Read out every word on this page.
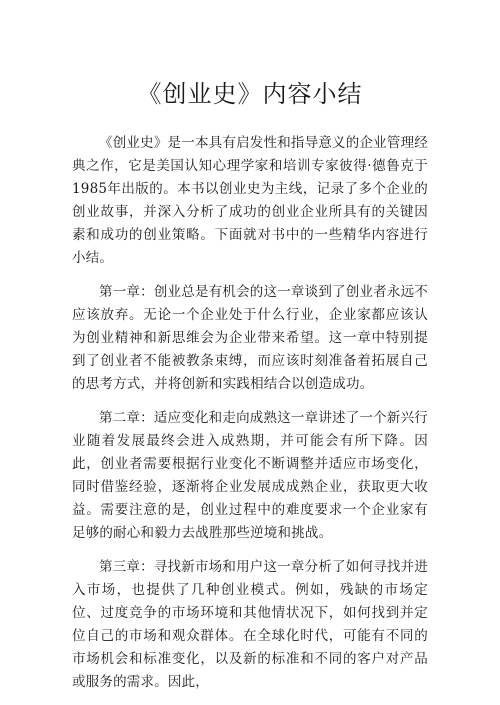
《创业史》内容小结

《创业史》是一本具有启发性和指导意义的企业管理经典之作，它是美国认知心理学家和培训专家彼得·德鲁克于1985年出版的。本书以创业史为主线，记录了多个企业的创业故事，并深入分析了成功的创业企业所具有的关键因素和成功的创业策略。下面就对书中的一些精华内容进行小结。

第一章：创业总是有机会的这一章谈到了创业者永远不应该放弃。无论一个企业处于什么行业，企业家都应该认为创业精神和新思维会为企业带来希望。这一章中特别提到了创业者不能被教条束缚，而应该时刻准备着拓展自己的思考方式，并将创新和实践相结合以创造成功。

第二章：适应变化和走向成熟这一章讲述了一个新兴行业随着发展最终会进入成熟期，并可能会有所下降。因此，创业者需要根据行业变化不断调整并适应市场变化，同时借鉴经验，逐渐将企业发展成成熟企业，获取更大收益。需要注意的是，创业过程中的难度要求一个企业家有足够的耐心和毅力去战胜那些逆境和挑战。

第三章：寻找新市场和用户这一章分析了如何寻找并进入市场，也提供了几种创业模式。例如，残缺的市场定位、过度竞争的市场环境和其他情状况下，如何找到并定位自己的市场和观众群体。在全球化时代，可能有不同的市场机会和标准变化，以及新的标准和不同的客户对产品或服务的需求。因此，
